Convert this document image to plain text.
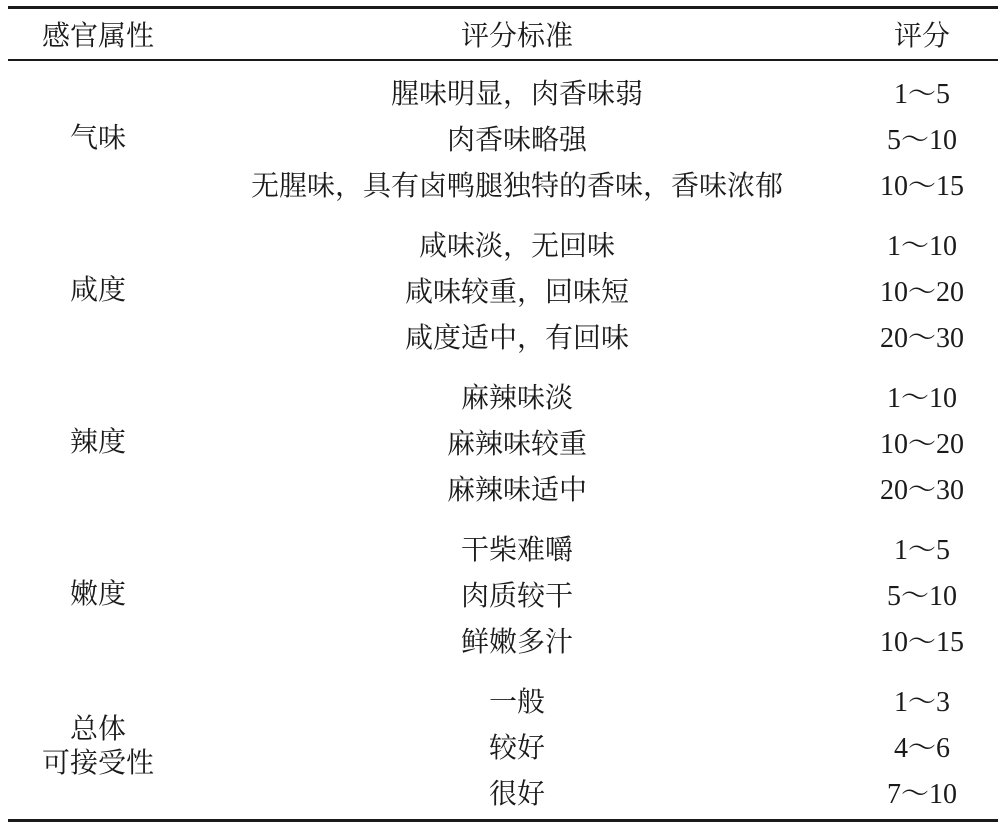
感官属性	评分标准	评分
气味
腥味明显，肉香味弱	1～5
肉香味略强	5～10
无腥味，具有卤鸭腿独特的香味，香味浓郁	10～15
咸度
咸味淡，无回味	1～10
咸味较重，回味短	10～20
咸度适中，有回味	20～30
辣度
麻辣味淡	1～10
麻辣味较重	10～20
麻辣味适中	20～30
嫩度
干柴难嚼	1～5
肉质较干	5～10
鲜嫩多汁	10～15
总体
可接受性
一般	1～3
较好	4～6
很好	7～10
